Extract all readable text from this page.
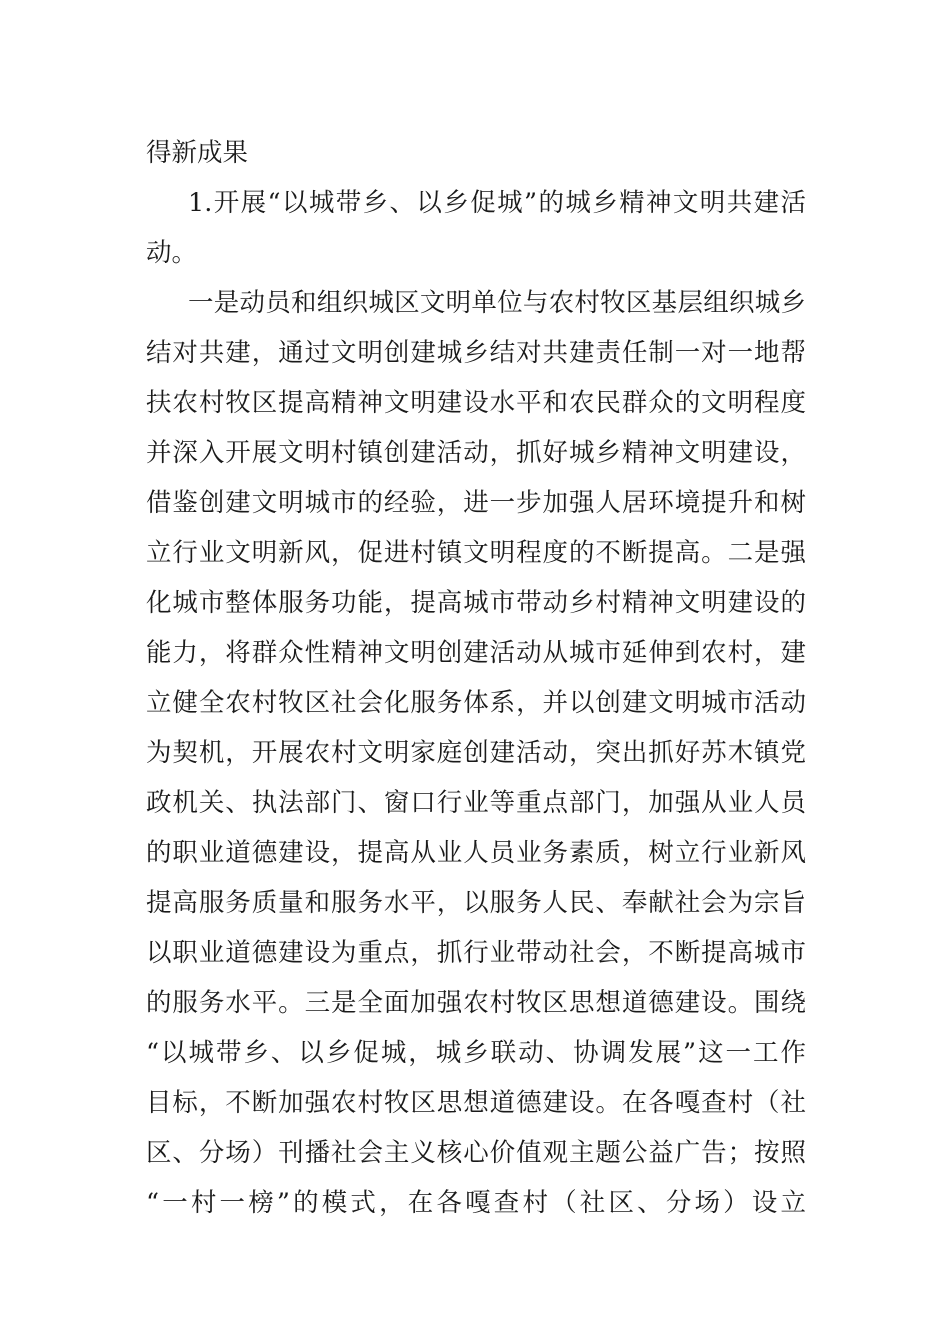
得新成果
1.开展“以城带乡、以乡促城”的城乡精神文明共建活
动。
一是动员和组织城区文明单位与农村牧区基层组织城乡
结对共建，通过文明创建城乡结对共建责任制一对一地帮
扶农村牧区提高精神文明建设水平和农民群众的文明程度
并深入开展文明村镇创建活动，抓好城乡精神文明建设，
借鉴创建文明城市的经验，进一步加强人居环境提升和树
立行业文明新风，促进村镇文明程度的不断提高。二是强
化城市整体服务功能，提高城市带动乡村精神文明建设的
能力，将群众性精神文明创建活动从城市延伸到农村，建
立健全农村牧区社会化服务体系，并以创建文明城市活动
为契机，开展农村文明家庭创建活动，突出抓好苏木镇党
政机关、执法部门、窗口行业等重点部门，加强从业人员
的职业道德建设，提高从业人员业务素质，树立行业新风
提高服务质量和服务水平，以服务人民、奉献社会为宗旨
以职业道德建设为重点，抓行业带动社会，不断提高城市
的服务水平。三是全面加强农村牧区思想道德建设。围绕
“以城带乡、以乡促城，城乡联动、协调发展”这一工作
目标，不断加强农村牧区思想道德建设。在各嘎查村（社
区、分场）刊播社会主义核心价值观主题公益广告；按照
“一村一榜”的模式，在各嘎查村（社区、分场）设立
